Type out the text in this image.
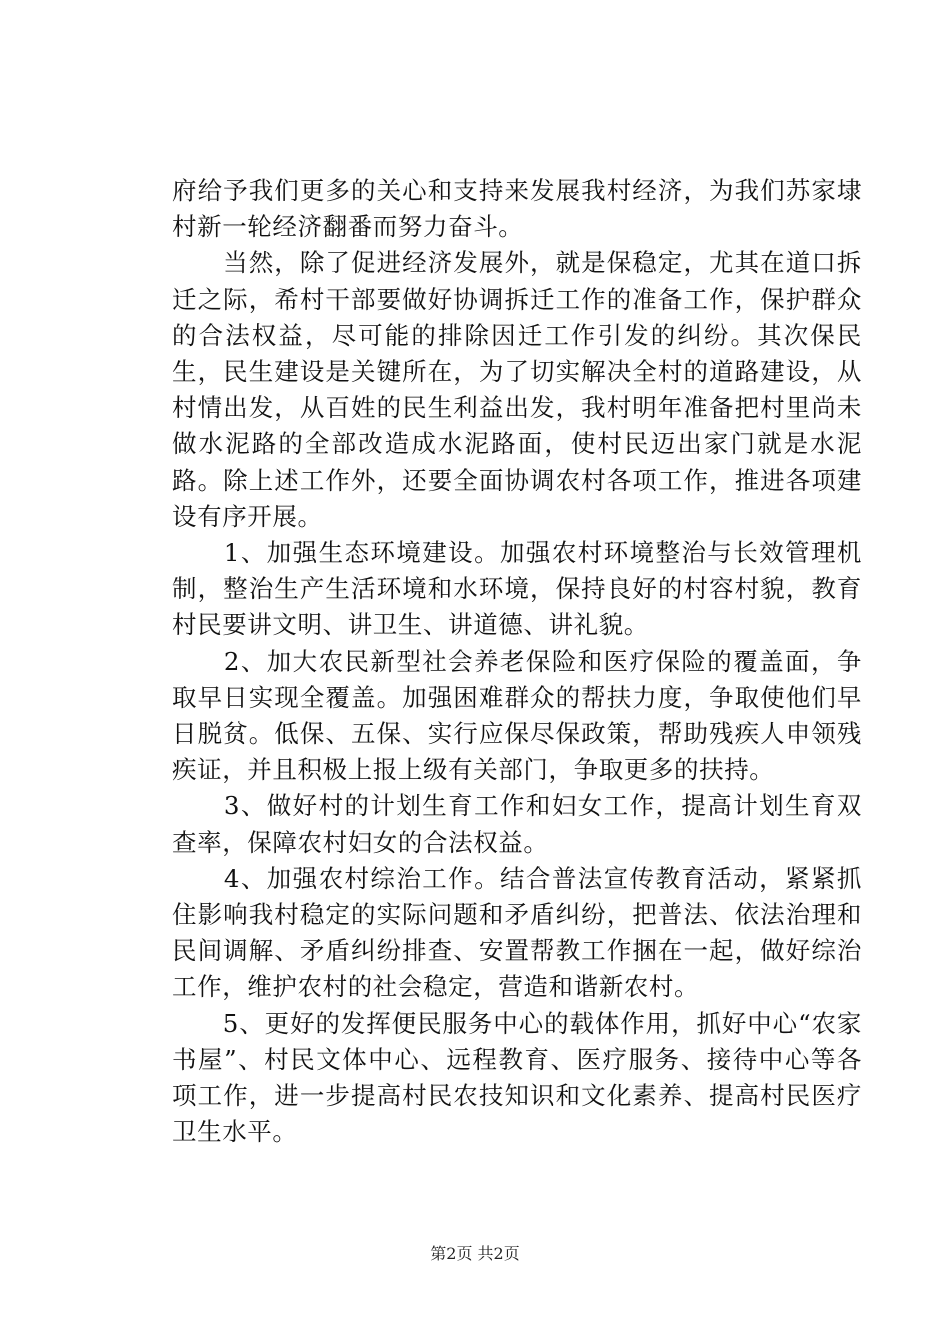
府给予我们更多的关心和支持来发展我村经济，为我们苏家埭村新一轮经济翻番而努力奋斗。

　　当然，除了促进经济发展外，就是保稳定，尤其在道口拆迁之际，希村干部要做好协调拆迁工作的准备工作，保护群众的合法权益，尽可能的排除因迁工作引发的纠纷。其次保民生，民生建设是关键所在，为了切实解决全村的道路建设，从村情出发，从百姓的民生利益出发，我村明年准备把村里尚未做水泥路的全部改造成水泥路面，使村民迈出家门就是水泥路。除上述工作外，还要全面协调农村各项工作，推进各项建设有序开展。

　　1、加强生态环境建设。加强农村环境整治与长效管理机制，整治生产生活环境和水环境，保持良好的村容村貌，教育村民要讲文明、讲卫生、讲道德、讲礼貌。

　　2、加大农民新型社会养老保险和医疗保险的覆盖面，争取早日实现全覆盖。加强困难群众的帮扶力度，争取使他们早日脱贫。低保、五保、实行应保尽保政策，帮助残疾人申领残疾证，并且积极上报上级有关部门，争取更多的扶持。

　　3、做好村的计划生育工作和妇女工作，提高计划生育双查率，保障农村妇女的合法权益。

　　4、加强农村综治工作。结合普法宣传教育活动，紧紧抓住影响我村稳定的实际问题和矛盾纠纷，把普法、依法治理和民间调解、矛盾纠纷排查、安置帮教工作捆在一起，做好综治工作，维护农村的社会稳定，营造和谐新农村。

　　5、更好的发挥便民服务中心的载体作用，抓好中心“农家书屋”、村民文体中心、远程教育、医疗服务、接待中心等各项工作，进一步提高村民农技知识和文化素养、提高村民医疗卫生水平。

第2页 共2页
